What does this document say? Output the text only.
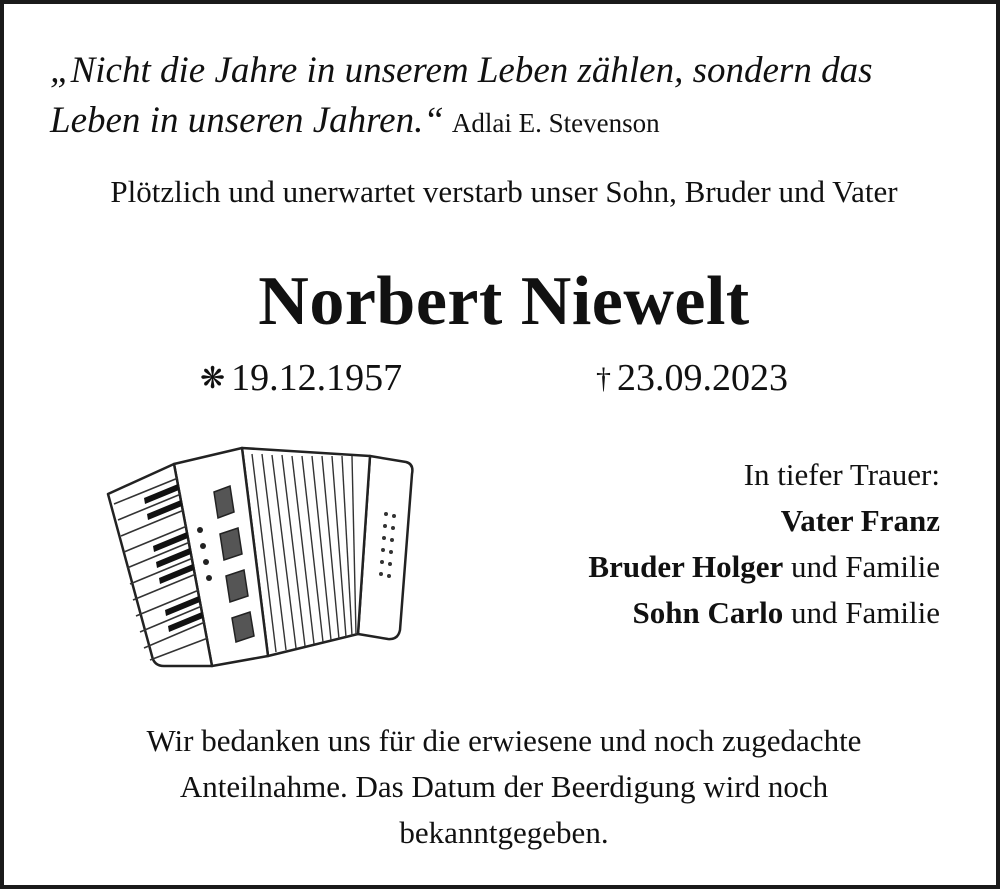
„Nicht die Jahre in unserem Leben zählen, sondern das
Leben in unseren Jahren.“ Adlai E. Stevenson
Plötzlich und unerwartet verstarb unser Sohn, Bruder und Vater
Norbert Niewelt
❋ 19.12.1957	† 23.09.2023
In tiefer Trauer:
Vater Franz
Bruder Holger und Familie
Sohn Carlo und Familie
Wir bedanken uns für die erwiesene und noch zugedachte
Anteilnahme. Das Datum der Beerdigung wird noch
bekanntgegeben.
